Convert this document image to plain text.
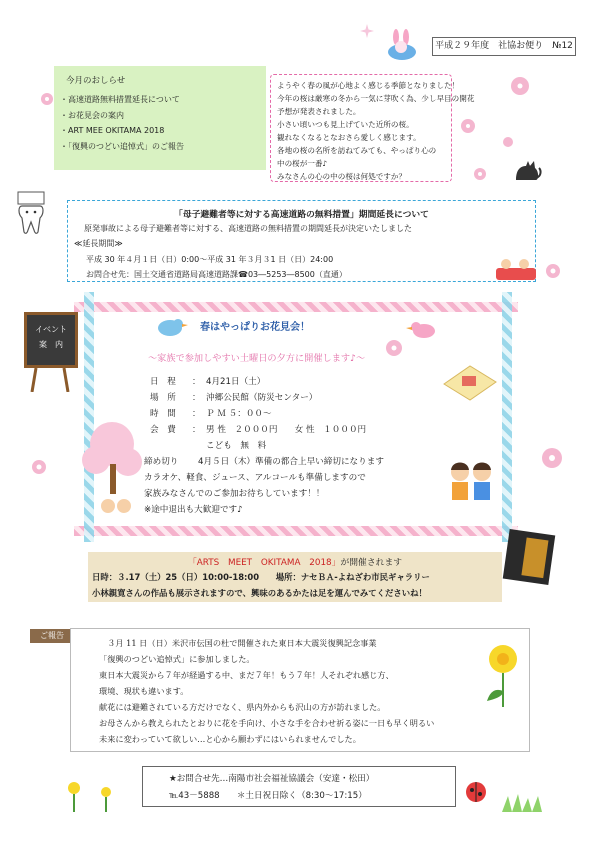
平成２９年度　社協お便り　№12
今月のおしらせ
・高速道路無料措置延長について
・お花見会の案内
・ART MEE OKITAMA 2018
・「復興のつどい追悼式」のご報告

ようやく春の風が心地よく感じる季節となりました！
今年の桜は厳寒の冬から一気に芽吹く為、少し早目の開花
予想が発表されました。
小さい頃いつも見上げていた近所の桜。
観れなくなるとなおさら愛しく感じます。
各地の桜の名所を訪ねてみても、やっぱり心の
中の桜が一番♪
みなさんの心の中の桜は何処ですか？

「母子避難者等に対する高速道路の無料措置」期間延長について
原発事故による母子避難者等に対する、高速道路の無料措置の期間延長が決定いたしました
≪延長期間≫
平成 30 年４月１日（日）0:00～平成 31 年３月３1 日（日）24:00
お問合せ先：国土交通省道路局高速道路課☎03―5253―8500（直通）
イベント
案　内
春はやっぱりお花見会！
～家族で参加しやすい土曜日の夕方に開催します♪～
日　程 ： 4月21日（土）
場　所 ： 沖郷公民館（防災センター）
時　間 ： Ｐ Ｍ ５：００～
会　費 ： 男 性　２０００円　　女 性　１０００円
こども　無　料
締め切り 4月５日（木）準備の都合上早い締切になります
カラオケ、軽食、ジュース、アルコールも準備しますので
家族みなさんでのご参加お待ちしています！！
※途中退出も大歓迎です♪
「ARTS　MEET　OKITAMA　2018」が開催されます
日時：３.17（土）25（日）10:00-18:00　　場所：ナセＢＡ-よねざわ市民ギャラリー
小林親寛さんの作品も展示されますので、興味のあるかたは足を運んでみてくださいね！
ご報告

　３月 11 日（日）米沢市伝国の杜で開催された東日本大震災復興記念事業
「復興のつどい追悼式」に参加しました。
東日本大震災から７年が経過する中、まだ７年！もう７年！人それぞれ感じ方、
環境、現状も違います。
献花には避難されている方だけでなく、県内外からも沢山の方が訪れました。
お母さんから教えられたとおりに花を手向け、小さな手を合わせ祈る姿に一日も早く明るい
未来に変わっていて欲しい…と心から願わずにはいられませんでした。

★お問合せ先…南陽市社会福祉協議会（安達・松田）
℡43－5888　　＊土日祝日除く（8:30～17:15）
